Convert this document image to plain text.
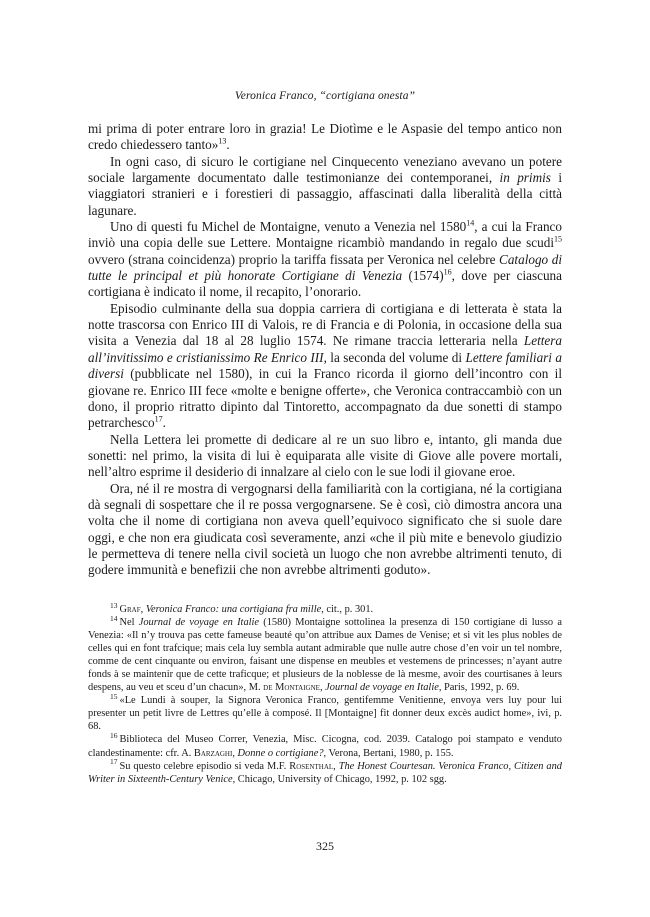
Veronica Franco, “cortigiana onesta”

mi prima di poter entrare loro in grazia! Le Diotìme e le Aspasie del tempo antico non credo chiedessero tanto»$^{13}$.

In ogni caso, di sicuro le cortigiane nel Cinquecento veneziano avevano un potere sociale largamente documentato dalle testimonianze dei contemporanei, in primis i viaggiatori stranieri e i forestieri di passaggio, affascinati dalla liberalità della città lagunare.

Uno di questi fu Michel de Montaigne, venuto a Venezia nel 1580$^{14}$, a cui la Franco inviò una copia delle sue Lettere. Montaigne ricambiò mandando in regalo due scudi$^{15}$ ovvero (strana coincidenza) proprio la tariffa fissata per Veronica nel celebre Catalogo di tutte le principal et più honorate Cortigiane di Venezia $(1574)^{16}$, dove per ciascuna cortigiana è indicato il nome, il recapito, l’onorario.

Episodio culminante della sua doppia carriera di cortigiana e di letterata è stata la notte trascorsa con Enrico III di Valois, re di Francia e di Polonia, in occasione della sua visita a Venezia dal 18 al 28 luglio 1574. Ne rimane traccia letteraria nella Lettera all’invitissimo e cristianissimo Re Enrico III, la seconda del volume di Lettere familiari a diversi (pubblicate nel 1580), in cui la Franco ricorda il giorno dell’incontro con il giovane re. Enrico III fece «molte e benigne offerte», che Veronica contraccambiò con un dono, il proprio ritratto dipinto dal Tintoretto, accompagnato da due sonetti di stampo petrarchesco$^{17}$.

Nella Lettera lei promette di dedicare al re un suo libro e, intanto, gli manda due sonetti: nel primo, la visita di lui è equiparata alle visite di Giove alle povere mortali, nell’altro esprime il desiderio di innalzare al cielo con le sue lodi il giovane eroe.

Ora, né il re mostra di vergognarsi della familiarità con la cortigiana, né la cortigiana dà segnali di sospettare che il re possa vergognarsene. Se è così, ciò dimostra ancora una volta che il nome di cortigiana non aveva quell’equivoco significato che si suole dare oggi, e che non era giudicata così severamente, anzi «che il più mite e benevolo giudizio le permetteva di tenere nella civil società un luogo che non avrebbe altrimenti tenuto, di godere immunità e benefizii che non avrebbe altrimenti goduto».

$^{13}$ Graf, Veronica Franco: una cortigiana fra mille, cit., p. 301.

$^{14}$ Nel Journal de voyage en Italie (1580) Montaigne sottolinea la presenza di 150 cortigiane di lusso a Venezia: «Il n’y trouva pas cette fameuse beauté qu’on attribue aux Dames de Venise; et si vit les plus nobles de celles qui en font trafcique; mais cela luy sembla autant admirable que nulle autre chose d’en voir un tel nombre, comme de cent cinquante ou environ, faisant une dispense en meubles et vestemens de princesses; n’ayant autre fonds à se maintenir que de cette traficque; et plusieurs de la noblesse de là mesme, avoir des courtisanes à leurs despens, au veu et sceu d’un chacun», M. de Montaigne, Journal de voyage en Italie, Paris, 1992, p. 69.

$^{15}$ «Le Lundi à souper, la Signora Veronica Franco, gentifemme Venitienne, envoya vers luy pour lui presenter un petit livre de Lettres qu’elle à composé. Il [Montaigne] fit donner deux excès audict home», ivi, p. 68.

$^{16}$ Biblioteca del Museo Correr, Venezia, Misc. Cicogna, cod. 2039. Catalogo poi stampato e venduto clandestinamente: cfr. A. Barzaghi, Donne o cortigiane?, Verona, Bertani, 1980, p. 155.

$^{17}$ Su questo celebre episodio si veda M.F. Rosenthal, The Honest Courtesan. Veronica Franco, Citizen and Writer in Sixteenth-Century Venice, Chicago, University of Chicago, 1992, p. 102 sgg.

325
